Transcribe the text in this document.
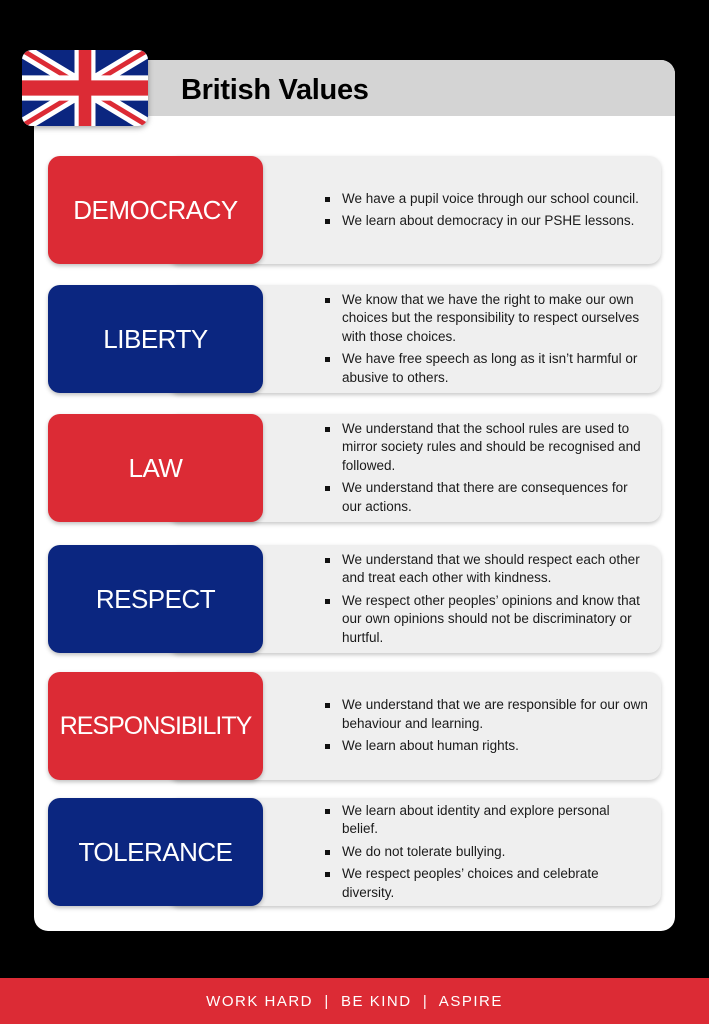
British Values
We have a pupil voice through our school council.
We learn about democracy in our PSHE lessons.
DEMOCRACY
We know that we have the right to make our own choices but the responsibility to respect ourselves with those choices.
We have free speech as long as it isn’t harmful or abusive to others.
LIBERTY
We understand that the school rules are used to mirror society rules and should be recognised and followed.
We understand that there are consequences for our actions.
LAW
We understand that we should respect each other and treat each other with kindness.
We respect other peoples’ opinions and know that our own opinions should not be discriminatory or hurtful.
RESPECT
We understand that we are responsible for our own behaviour and learning.
We learn about human rights.
RESPONSIBILITY
We learn about identity and explore personal belief.
We do not tolerate bullying.
We respect peoples’ choices and celebrate diversity.
TOLERANCE
WORK HARD  |  BE KIND  |  ASPIRE
